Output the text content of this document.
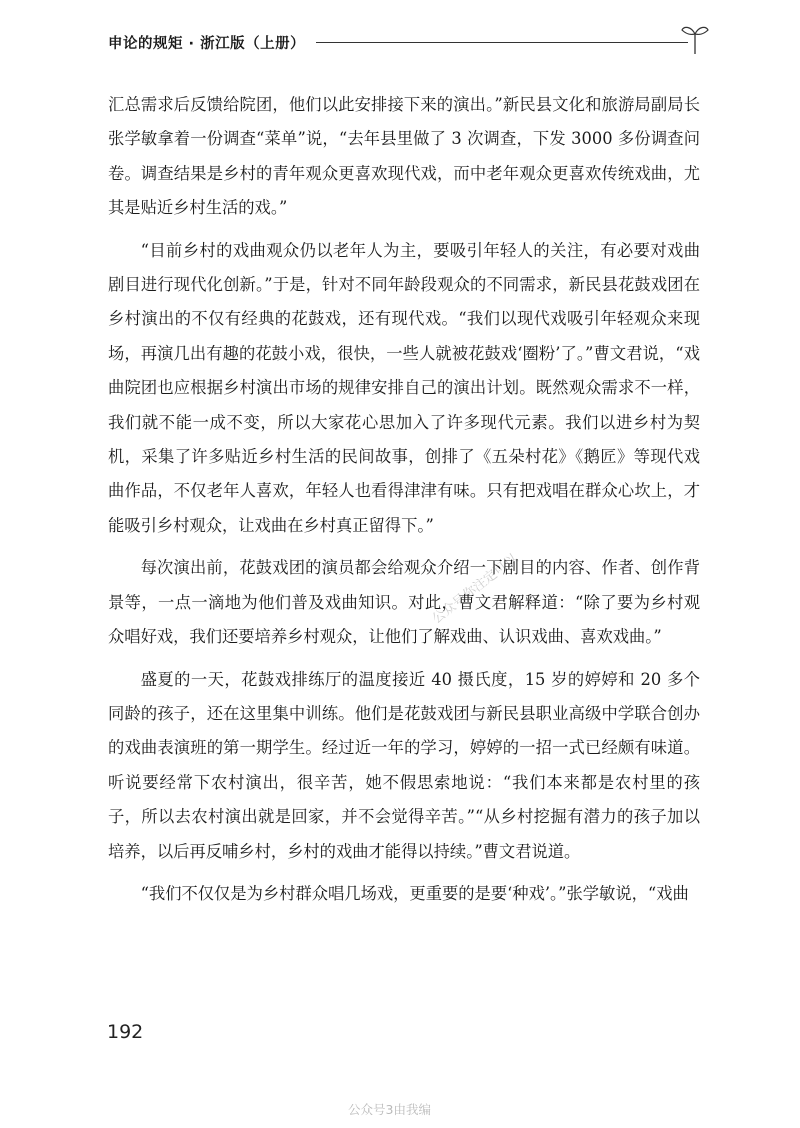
申论的规矩 · 浙江版（上册）

汇总需求后反馈给院团，他们以此安排接下来的演出。”新民县文化和旅游局副局长张学敏拿着一份调查“菜单”说，“去年县里做了 3 次调查，下发 3000 多份调查问卷。调查结果是乡村的青年观众更喜欢现代戏，而中老年观众更喜欢传统戏曲，尤其是贴近乡村生活的戏。”

“目前乡村的戏曲观众仍以老年人为主，要吸引年轻人的关注，有必要对戏曲剧目进行现代化创新。”于是，针对不同年龄段观众的不同需求，新民县花鼓戏团在乡村演出的不仅有经典的花鼓戏，还有现代戏。“我们以现代戏吸引年轻观众来现场，再演几出有趣的花鼓小戏，很快，一些人就被花鼓戏‘圈粉’了。”曹文君说，“戏曲院团也应根据乡村演出市场的规律安排自己的演出计划。既然观众需求不一样，我们就不能一成不变，所以大家花心思加入了许多现代元素。我们以进乡村为契机，采集了许多贴近乡村生活的民间故事，创排了《五朵村花》《鹅匠》等现代戏曲作品，不仅老年人喜欢，年轻人也看得津津有味。只有把戏唱在群众心坎上，才能吸引乡村观众，让戏曲在乡村真正留得下。”

每次演出前，花鼓戏团的演员都会给观众介绍一下剧目的内容、作者、创作背景等，一点一滴地为他们普及戏曲知识。对此，曹文君解释道：“除了要为乡村观众唱好戏，我们还要培养乡村观众，让他们了解戏曲、认识戏曲、喜欢戏曲。”

盛夏的一天，花鼓戏排练厅的温度接近 40 摄氏度，15 岁的婷婷和 20 多个同龄的孩子，还在这里集中训练。他们是花鼓戏团与新民县职业高级中学联合创办的戏曲表演班的第一期学生。经过近一年的学习，婷婷的一招一式已经颇有味道。听说要经常下农村演出，很辛苦，她不假思索地说：“我们本来都是农村里的孩子，所以去农村演出就是回家，并不会觉得辛苦。”“从乡村挖掘有潜力的孩子加以培养，以后再反哺乡村，乡村的戏曲才能得以持续。”曹文君说道。

“我们不仅仅是为乡村群众唱几场戏，更重要的是要‘种戏’。”张学敏说，“戏曲

公众号你注定可以
192
公众号3由我编
